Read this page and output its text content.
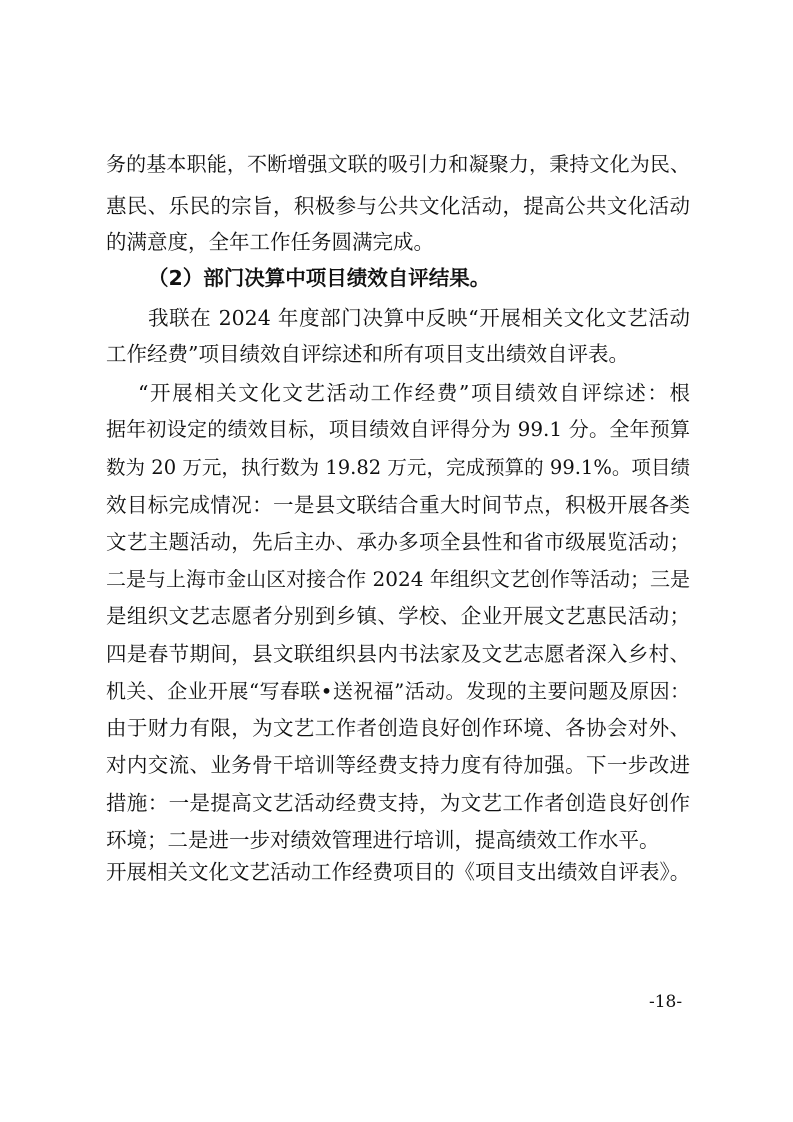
务的基本职能，不断增强文联的吸引力和凝聚力，秉持文化为民、
惠民、乐民的宗旨，积极参与公共文化活动，提高公共文化活动
的满意度，全年工作任务圆满完成。
（2）部门决算中项目绩效自评结果。
我联在 2024 年度部门决算中反映“开展相关文化文艺活动
工作经费”项目绩效自评综述和所有项目支出绩效自评表。
“开展相关文化文艺活动工作经费”项目绩效自评综述：根
据年初设定的绩效目标，项目绩效自评得分为 99.1 分。全年预算
数为 20 万元，执行数为 19.82 万元，完成预算的 99.1%。项目绩
效目标完成情况：一是县文联结合重大时间节点，积极开展各类
文艺主题活动，先后主办、承办多项全县性和省市级展览活动；
二是与上海市金山区对接合作 2024 年组织文艺创作等活动；三是
是组织文艺志愿者分别到乡镇、学校、企业开展文艺惠民活动；
四是春节期间，县文联组织县内书法家及文艺志愿者深入乡村、
机关、企业开展“写春联•送祝福”活动。发现的主要问题及原因：
由于财力有限，为文艺工作者创造良好创作环境、各协会对外、
对内交流、业务骨干培训等经费支持力度有待加强。下一步改进
措施：一是提高文艺活动经费支持，为文艺工作者创造良好创作
环境；二是进一步对绩效管理进行培训，提高绩效工作水平。
开展相关文化文艺活动工作经费项目的《项目支出绩效自评表》。
-18-
